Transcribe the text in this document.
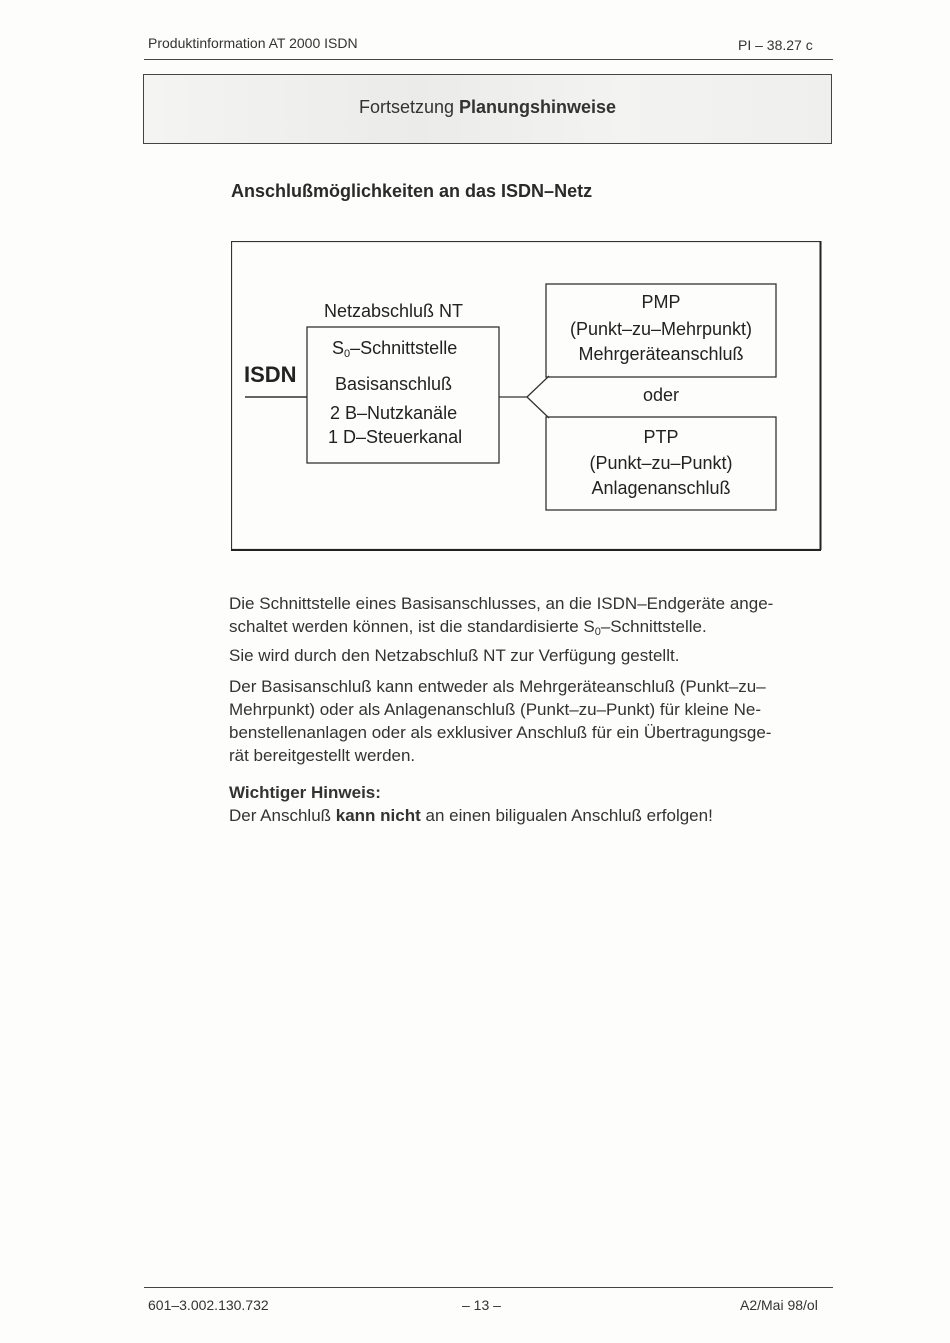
Produktinformation AT 2000 ISDN	PI – 38.27 c
Fortsetzung Planungshinweise
Anschlußmöglichkeiten an das ISDN–Netz
ISDN
Netzabschluß NT
$S_0$–Schnittstelle
Basisanschluß
2 B–Nutzkanäle
1 D–Steuerkanal
PMP
(Punkt–zu–Mehrpunkt)
Mehrgeräteanschluß
oder
PTP
(Punkt–zu–Punkt)
Anlagenanschluß

Die Schnittstelle eines Basisanschlusses, an die ISDN–Endgeräte ange-

schaltet werden können, ist die standardisierte $S_0$–Schnittstelle.

Sie wird durch den Netzabschluß NT zur Verfügung gestellt.

Der Basisanschluß kann entweder als Mehrgeräteanschluß (Punkt–zu–

Mehrpunkt) oder als Anlagenanschluß (Punkt–zu–Punkt) für kleine Ne-

benstellenanlagen oder als exklusiver Anschluß für ein Übertragungsge-

rät bereitgestellt werden.

Wichtiger Hinweis:

Der Anschluß kann nicht an einen biligualen Anschluß erfolgen!

601–3.002.130.732	– 13 –	A2/Mai 98/ol
